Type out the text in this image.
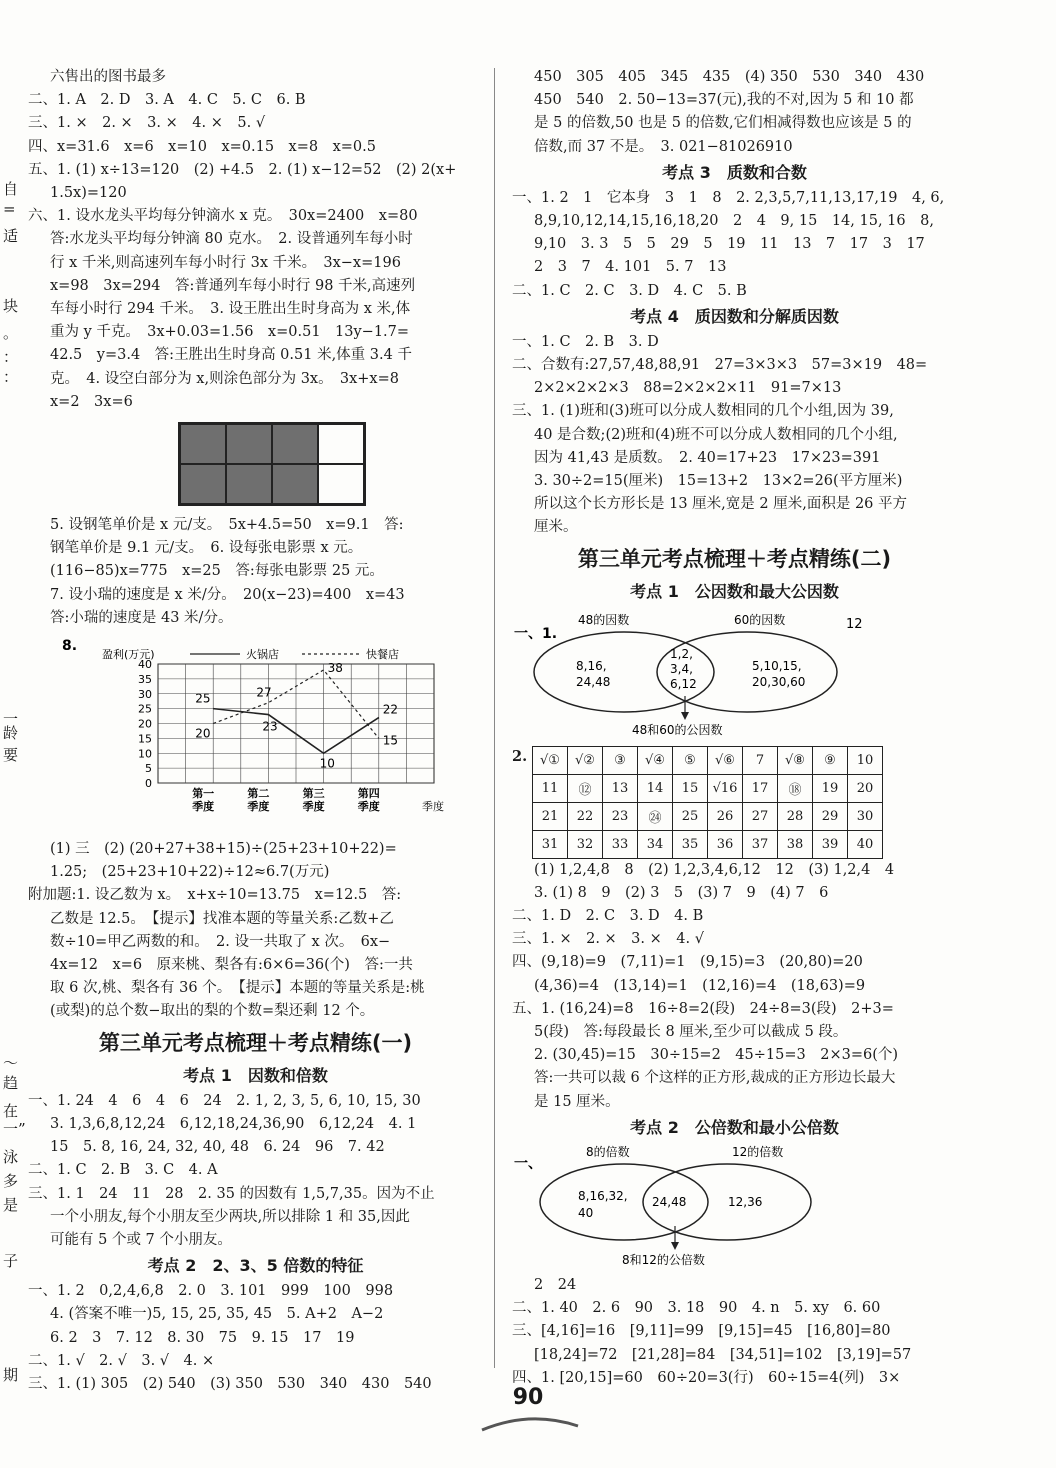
自
=
适
块
。
：
：
一
龄
要
～
趋
在
一”
泳
多
是
子
期
六售出的图书最多
二、1. A　2. D　3. A　4. C　5. C　6. B
三、1. ×　2. ×　3. ×　4. ×　5. √
四、x=31.6　x=6　x=10　x=0.15　x=8　x=0.5
五、1. (1) x÷13=120　(2) +4.5　2. (1) x−12=52　(2) 2(x+
1.5x)=120
六、1. 设水龙头平均每分钟滴水 x 克。　30x=2400　x=80
答:水龙头平均每分钟滴 80 克水。　2. 设普通列车每小时
行 x 千米,则高速列车每小时行 3x 千米。　3x−x=196
x=98　3x=294　答:普通列车每小时行 98 千米,高速列
车每小时行 294 千米。　3. 设王胜出生时身高为 x 米,体
重为 y 千克。　3x+0.03=1.56　x=0.51　13y−1.7=
42.5　y=3.4　答:王胜出生时身高 0.51 米,体重 3.4 千
克。　4. 设空白部分为 x,则涂色部分为 3x。　3x+x=8
x=2　3x=6
5. 设钢笔单价是 x 元/支。　5x+4.5=50　x=9.1　答:
钢笔单价是 9.1 元/支。　6. 设每张电影票 x 元。
(116−85)x=775　x=25　答:每张电影票 25 元。
7. 设小瑞的速度是 x 米/分。　20(x−23)=400　x=43
答:小瑞的速度是 43 米/分。
8.
盈利(万元)	火锅店	快餐店
0
5
10
15
20
25
30
35
40
25
23
10
22
20
27
38
15
第一季度
第二季度
第三季度
第四季度	季度
(1) 三　(2) (20+27+38+15)÷(25+23+10+22)=
1.25;　(25+23+10+22)÷12≈6.7(万元)
附加题:1. 设乙数为 x。　x+x÷10=13.75　x=12.5　答:
乙数是 12.5。　【提示】找准本题的等量关系:乙数+乙
数÷10=甲乙两数的和。　2. 设一共取了 x 次。　6x−
4x=12　x=6　原来桃、梨各有:6×6=36(个)　答:一共
取 6 次,桃、梨各有 36 个。　【提示】本题的等量关系是:桃
(或梨)的总个数−取出的梨的个数=梨还剩 12 个。
第三单元考点梳理＋考点精练(一)
考点 1　因数和倍数
一、1. 24　4　6　4　6　24　2. 1, 2, 3, 5, 6, 10, 15, 30
3. 1,3,6,8,12,24　6,12,18,24,36,90　6,12,24　4. 1
15　5. 8, 16, 24, 32, 40, 48　6. 24　96　7. 42
二、1. C　2. B　3. C　4. A
三、1. 1　24　11　28　2. 35 的因数有 1,5,7,35。因为不止
一个小朋友,每个小朋友至少两块,所以排除 1 和 35,因此
可能有 5 个或 7 个小朋友。
考点 2　2、3、5 倍数的特征
一、1. 2　0,2,4,6,8　2. 0　3. 101　999　100　998
4. (答案不唯一)5, 15, 25, 35, 45　5. A+2　A−2
6. 2　3　7. 12　8. 30　75　9. 15　17　19
二、1. √　2. √　3. √　4. ×
三、1. (1) 305　(2) 540　(3) 350　530　340　430　540
450　305　405　345　435　(4) 350　530　340　430
450　540　2. 50−13=37(元),我的不对,因为 5 和 10 都
是 5 的倍数,50 也是 5 的倍数,它们相减得数也应该是 5 的
倍数,而 37 不是。　3. 021−81026910
考点 3　质数和合数
一、1. 2　1　它本身　3　1　8　2. 2,3,5,7,11,13,17,19　4, 6,
8,9,10,12,14,15,16,18,20　2　4　9, 15　14, 15, 16　8,
9,10　3. 3　5　5　29　5　19　11　13　7　17　3　17
2　3　7　4. 101　5. 7　13
二、1. C　2. C　3. D　4. C　5. B
考点 4　质因数和分解质因数
一、1. C　2. B　3. D
二、合数有:27,57,48,88,91　27=3×3×3　57=3×19　48=
2×2×2×2×3　88=2×2×2×11　91=7×13
三、1. (1)班和(3)班可以分成人数相同的几个小组,因为 39,
40 是合数;(2)班和(4)班不可以分成人数相同的几个小组,
因为 41,43 是质数。　2. 40=17+23　17×23=391
3. 30÷2=15(厘米)　15=13+2　13×2=26(平方厘米)
所以这个长方形长是 13 厘米,宽是 2 厘米,面积是 26 平方
厘米。
第三单元考点梳理＋考点精练(二)
考点 1　公因数和最大公因数
一、1.
48的因数	60的因数	12
8,16,
24,48
1,2,
3,4,
6,12
5,10,15,
20,30,60
48和60的公因数
2. √①	√②	③	√④	⑤	√⑥	7	√⑧	⑨	10
11	⑫	13	14	15	√16	17	⑱	19	20
21	22	23	㉔	25	26	27	28	29	30
31	32	33	34	35	36	37	38	39	40
(1) 1,2,4,8　8　(2) 1,2,3,4,6,12　12　(3) 1,2,4　4
3. (1) 8　9　(2) 3　5　(3) 7　9　(4) 7　6
二、1. D　2. C　3. D　4. B
三、1. ×　2. ×　3. ×　4. √
四、(9,18)=9　(7,11)=1　(9,15)=3　(20,80)=20
(4,36)=4　(13,14)=1　(12,16)=4　(18,63)=9
五、1. (16,24)=8　16÷8=2(段)　24÷8=3(段)　2+3=
5(段)　答:每段最长 8 厘米,至少可以截成 5 段。
2. (30,45)=15　30÷15=2　45÷15=3　2×3=6(个)
答:一共可以裁 6 个这样的正方形,裁成的正方形边长最大
是 15 厘米。
考点 2　公倍数和最小公倍数
一、
8的倍数	12的倍数
8,16,32,
40
24,48	12,36
8和12的公倍数
2　24
二、1. 40　2. 6　90　3. 18　90　4. n　5. xy　6. 60
三、[4,16]=16　[9,11]=99　[9,15]=45　[16,80]=80
[18,24]=72　[21,28]=84　[34,51]=102　[3,19]=57
四、1. [20,15]=60　60÷20=3(行)　60÷15=4(列)　3×
90
